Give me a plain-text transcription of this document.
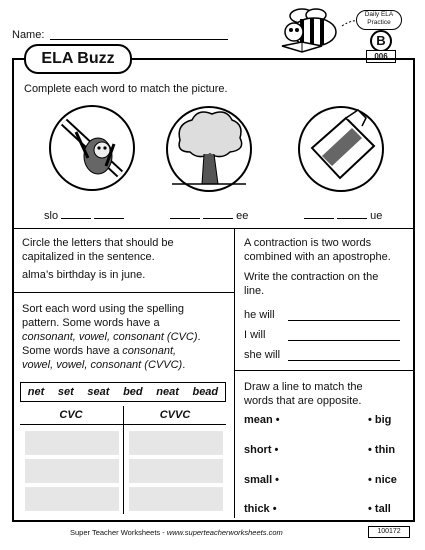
Name:
Daily ELA
Practice
B
006
ELA Buzz
Complete each word to match the picture.
slo	ee	ue
Circle the letters that should be capitalized in the sentence.
alma’s birthday is in june.
Sort each word using the spelling
pattern. Some words have a
consonant, vowel, consonant (CVC).
Some words have a consonant,
vowel, vowel, consonant (CVVC).
net set seat bed neat bead
CVC	CVVC
A contraction is two words
combined with an apostrophe.
Write the contraction on the
line.
he will
I will
she will
Draw a line to match the
words that are opposite.
mean •
short •
small •
thick •
• big
• thin
• nice
• tall
Super Teacher Worksheets - www.superteacherworksheets.com	100172
